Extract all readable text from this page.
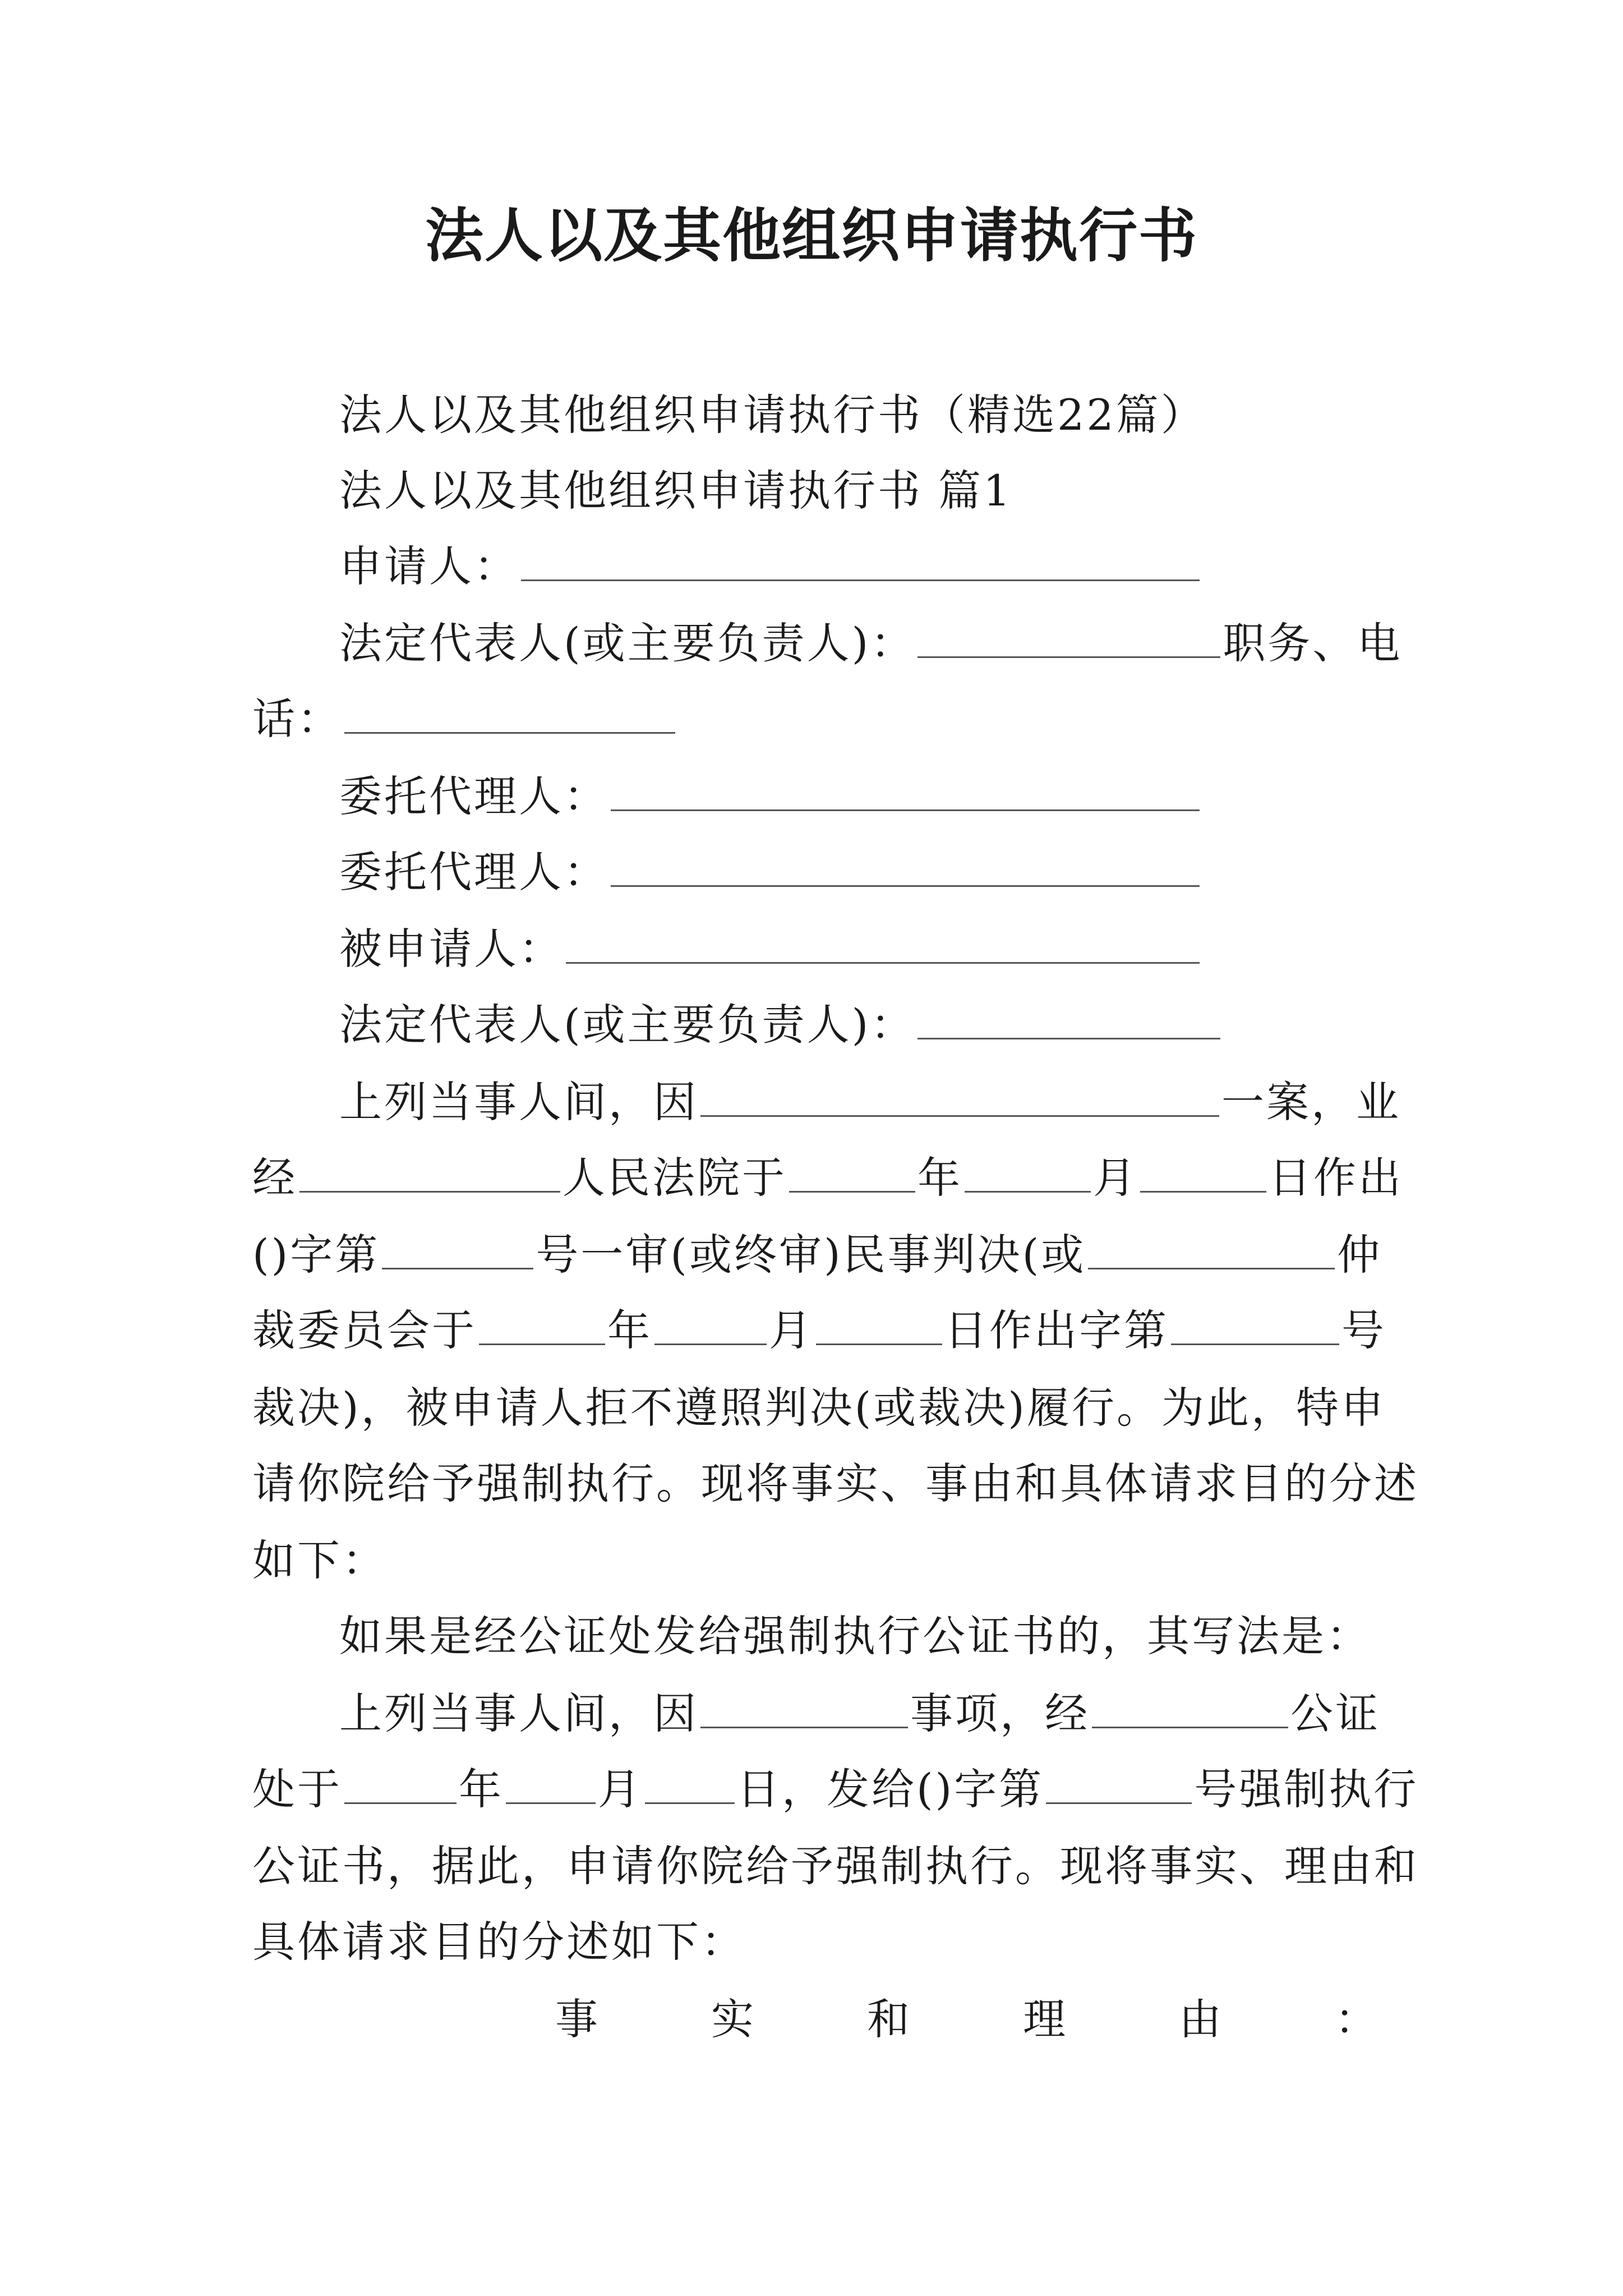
法人以及其他组织申请执行书
法人以及其他组织申请执行书（精选22篇）
法人以及其他组织申请执行书 篇1
申请人：
法定代表人(或主要负责人)：	职务、电
话：
委托代理人：
委托代理人：
被申请人：
法定代表人(或主要负责人)：
上列当事人间，因	一案，业
经	人民法院于	年	月	日作出
()字第	号一审(或终审)民事判决(或	仲
裁委员会于	年	月	日作出字第	号
裁决)，被申请人拒不遵照判决(或裁决)履行。为此，特申
请你院给予强制执行。现将事实、事由和具体请求目的分述
如下：
如果是经公证处发给强制执行公证书的，其写法是：
上列当事人间，因	事项，经	公证
处于	年 月 日，发给()字第	号强制执行
公证书，据此，申请你院给予强制执行。现将事实、理由和
具体请求目的分述如下：
事	实	和	理	由	：
